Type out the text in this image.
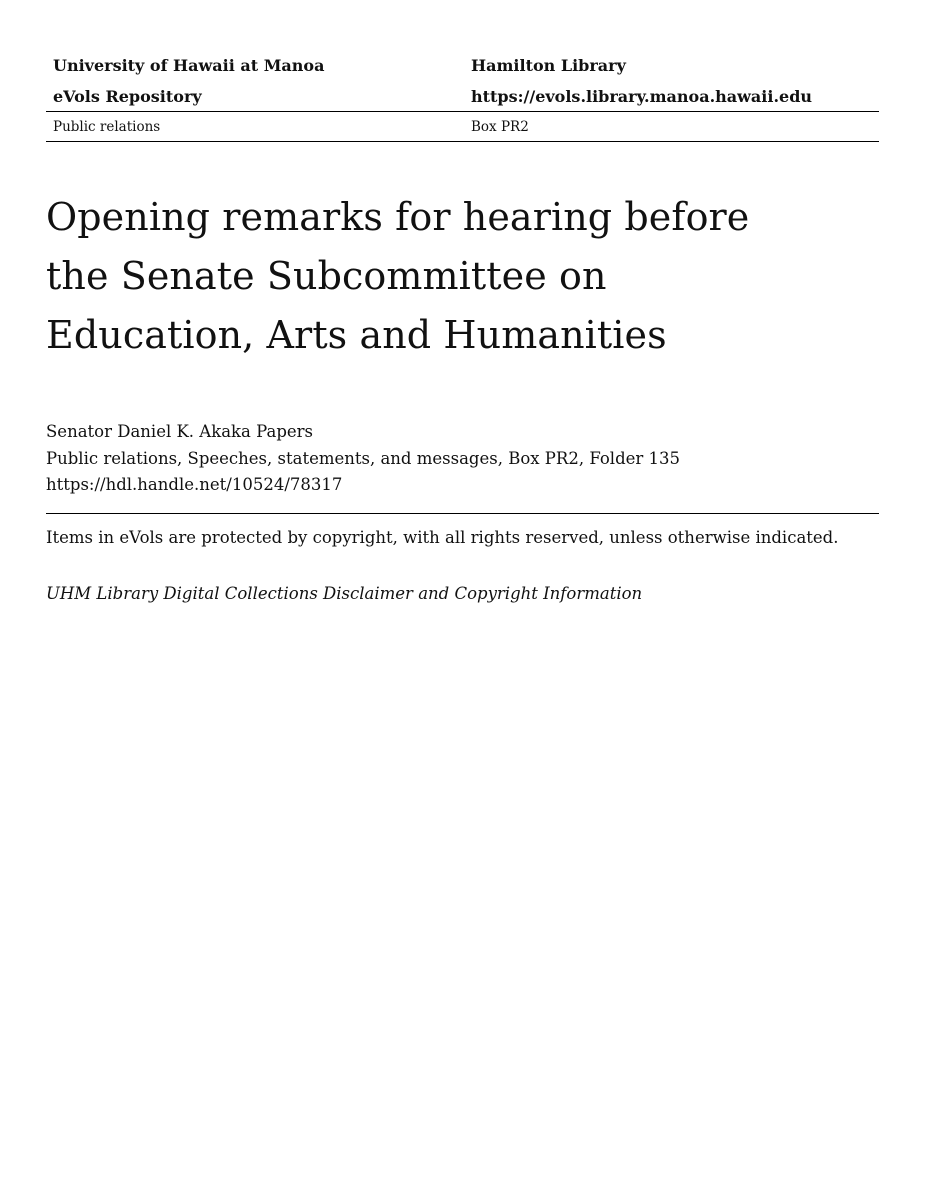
University of Hawaii at Manoa	Hamilton Library
eVols Repository	https://evols.library.manoa.hawaii.edu
Public relations	Box PR2
Opening remarks for hearing before
the Senate Subcommittee on
Education, Arts and Humanities
Senator Daniel K. Akaka Papers
Public relations, Speeches, statements, and messages, Box PR2, Folder 135
https://hdl.handle.net/10524/78317
Items in eVols are protected by copyright, with all rights reserved, unless otherwise indicated.
UHM Library Digital Collections Disclaimer and Copyright Information
